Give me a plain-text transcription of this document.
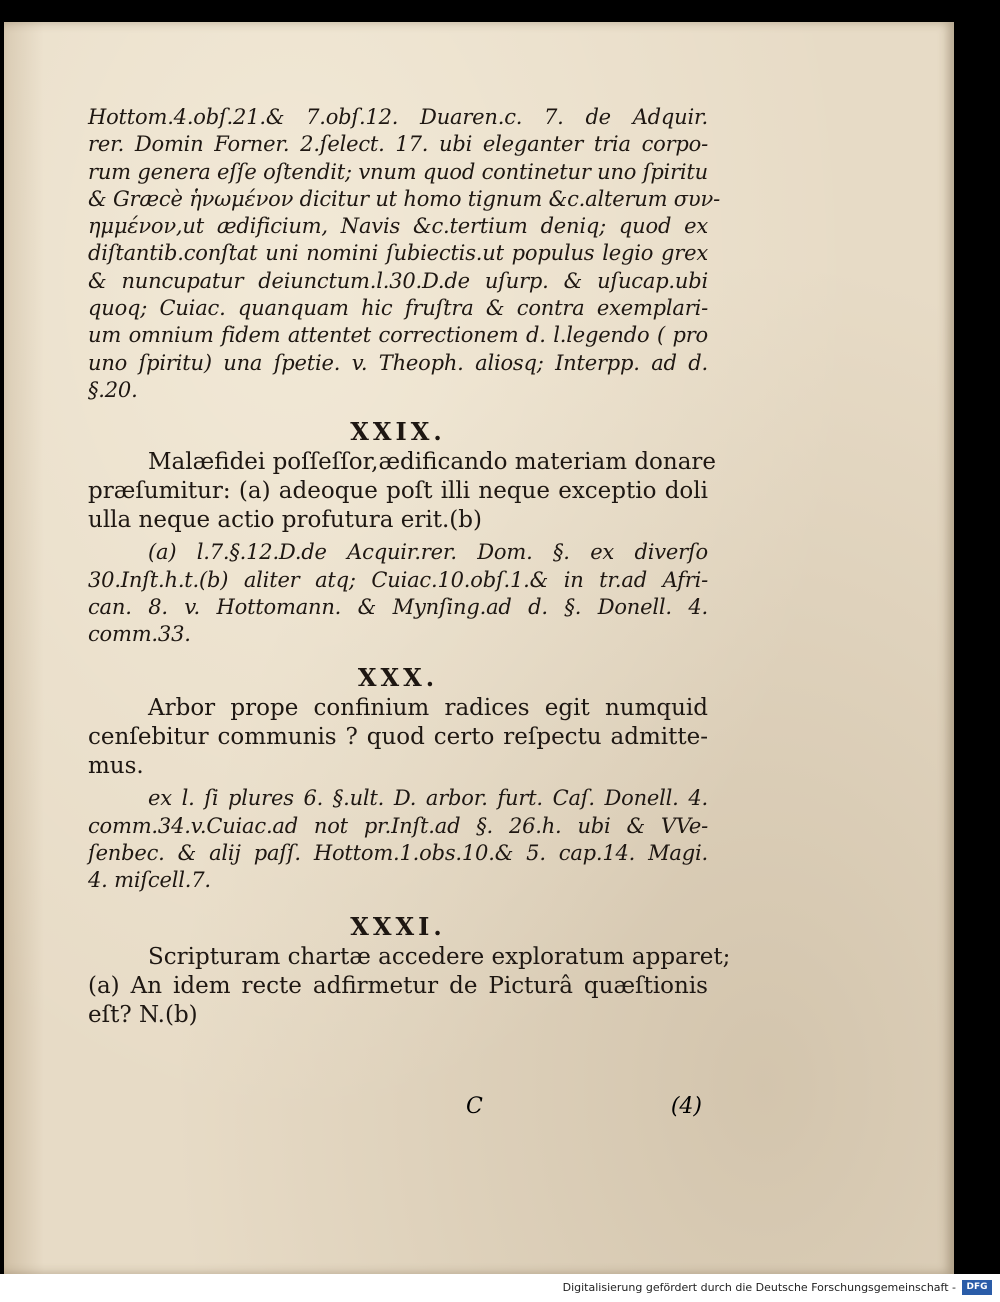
Hottom.4.obſ.21.& 7.obſ.12. Duaren.c. 7. de Adquir.
rer. Domin Forner. 2.ſelect. 17. ubi eleganter tria corpo-
rum genera eſſe oſtendit; vnum quod continetur uno ſpiritu
& Græcè ἡνωμένον dicitur ut homo tignum &c.alterum συν-
ημμένον,ut ædificium, Navis &c.tertium deniq; quod ex
diſtantib.conſtat uni nomini ſubiectis.ut populus legio grex
& nuncupatur deiunctum.l.30.D.de uſurp. & uſucap.ubi
quoq; Cuiac. quanquam hic fruſtra & contra exemplari-
um omnium fidem attentet correctionem d. l.legendo ( pro
uno ſpiritu) una ſpetie. v. Theoph. aliosq; Interpp. ad d.
§.20.
XXIX.
Malæfidei poſſeſſor,ædificando materiam donare
præſumitur: (a) adeoque poſt illi neque exceptio doli
ulla neque actio profutura erit.(b)
(a) l.7.§.12.D.de Acquir.rer. Dom. §. ex diverſo
30.Inſt.h.t.(b) aliter atq; Cuiac.10.obſ.1.& in tr.ad Afri-
can. 8. v. Hottomann. & Mynſing.ad d. §. Donell. 4.
comm.33.
XXX.
Arbor prope confinium radices egit numquid
cenſebitur communis ? quod certo reſpectu admitte-
mus.
ex l. ſi plures 6. §.ult. D. arbor. furt. Caſ. Donell. 4.
comm.34.v.Cuiac.ad not pr.Inſt.ad §. 26.h. ubi & VVe-
ſenbec. & alij paſſ. Hottom.1.obs.10.& 5. cap.14. Magi.
4. miſcell.7.
XXXI.
Scripturam chartæ accedere exploratum apparet;
(a) An idem recte adfirmetur de Picturâ quæſtionis
eſt? N.(b)
C	(4)
Digitalisierung gefördert durch die Deutsche Forschungsgemeinschaft -	DFG
